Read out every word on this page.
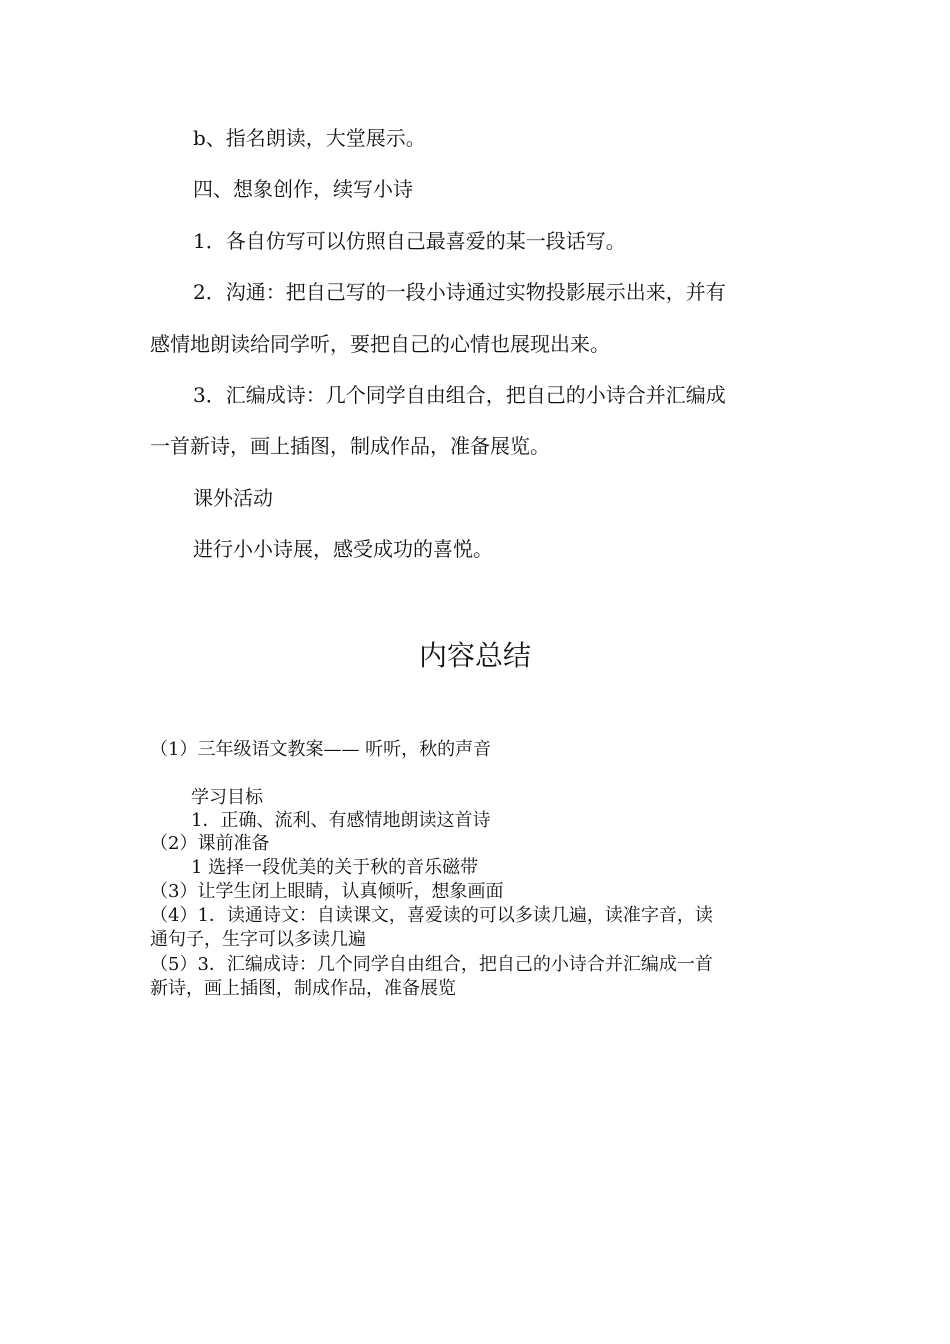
b、指名朗读，大堂展示。

四、想象创作，续写小诗

1．各自仿写可以仿照自己最喜爱的某一段话写。

2．沟通：把自己写的一段小诗通过实物投影展示出来，并有

感情地朗读给同学听，要把自己的心情也展现出来。

3．汇编成诗：几个同学自由组合，把自己的小诗合并汇编成

一首新诗，画上插图，制成作品，准备展览。

课外活动

进行小小诗展，感受成功的喜悦。

内容总结

（1）三年级语文教案—— 听听，秋的声音

学习目标

1．正确、流利、有感情地朗读这首诗

（2）课前准备

1 选择一段优美的关于秋的音乐磁带

（3）让学生闭上眼睛，认真倾听，想象画面

（4）1．读通诗文：自读课文，喜爱读的可以多读几遍，读准字音，读

通句子，生字可以多读几遍

（5）3．汇编成诗：几个同学自由组合，把自己的小诗合并汇编成一首

新诗，画上插图，制成作品，准备展览
